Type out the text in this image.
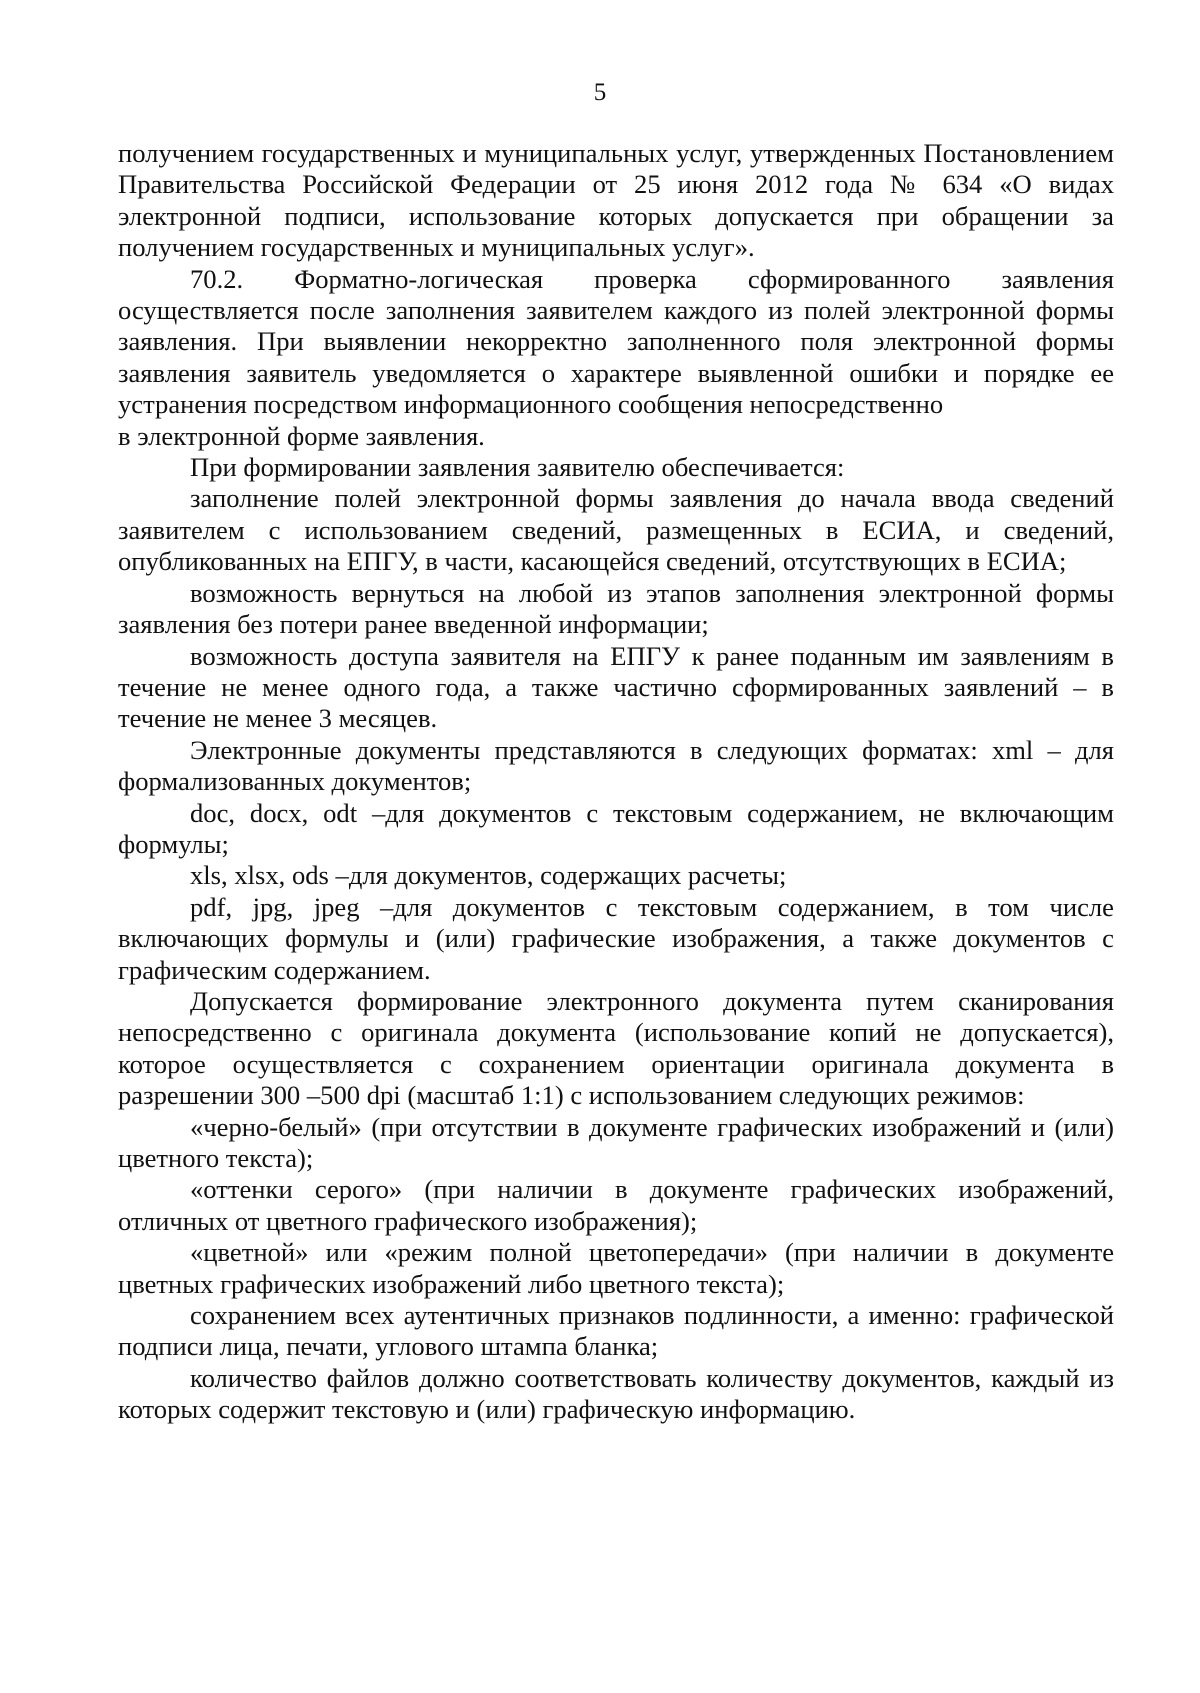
5

получением государственных и муниципальных услуг, утвержденных Постановлением Правительства Российской Федерации от 25 июня 2012 года № 634 «О видах электронной подписи, использование которых допускается при обращении за получением государственных и муниципальных услуг».

70.2. Форматно-логическая проверка сформированного заявления осуществляется после заполнения заявителем каждого из полей электронной формы заявления. При выявлении некорректно заполненного поля электронной формы заявления заявитель уведомляется о характере выявленной ошибки и порядке ее устранения посредством информационного сообщения непосредственно

в электронной форме заявления.

При формировании заявления заявителю обеспечивается:

заполнение полей электронной формы заявления до начала ввода сведений заявителем с использованием сведений, размещенных в ЕСИА, и сведений, опубликованных на ЕПГУ, в части, касающейся сведений, отсутствующих в ЕСИА;

возможность вернуться на любой из этапов заполнения электронной формы заявления без потери ранее введенной информации;

возможность доступа заявителя на ЕПГУ к ранее поданным им заявлениям в течение не менее одного года, а также частично сформированных заявлений – в течение не менее 3 месяцев.

Электронные документы представляются в следующих форматах: xml – для формализованных документов;

doc, docx, odt –для документов с текстовым содержанием, не включающим формулы;

xls, xlsx, ods –для документов, содержащих расчеты;

pdf, jpg, jpeg –для документов с текстовым содержанием, в том числе включающих формулы и (или) графические изображения, а также документов с графическим содержанием.

Допускается формирование электронного документа путем сканирования непосредственно с оригинала документа (использование копий не допускается), которое осуществляется с сохранением ориентации оригинала документа в разрешении 300 –500 dpi (масштаб 1:1) с использованием следующих режимов:

«черно-белый» (при отсутствии в документе графических изображений и (или) цветного текста);

«оттенки серого» (при наличии в документе графических изображений, отличных от цветного графического изображения);

«цветной» или «режим полной цветопередачи» (при наличии в документе цветных графических изображений либо цветного текста);

сохранением всех аутентичных признаков подлинности, а именно: графической подписи лица, печати, углового штампа бланка;

количество файлов должно соответствовать количеству документов, каждый из которых содержит текстовую и (или) графическую информацию.
